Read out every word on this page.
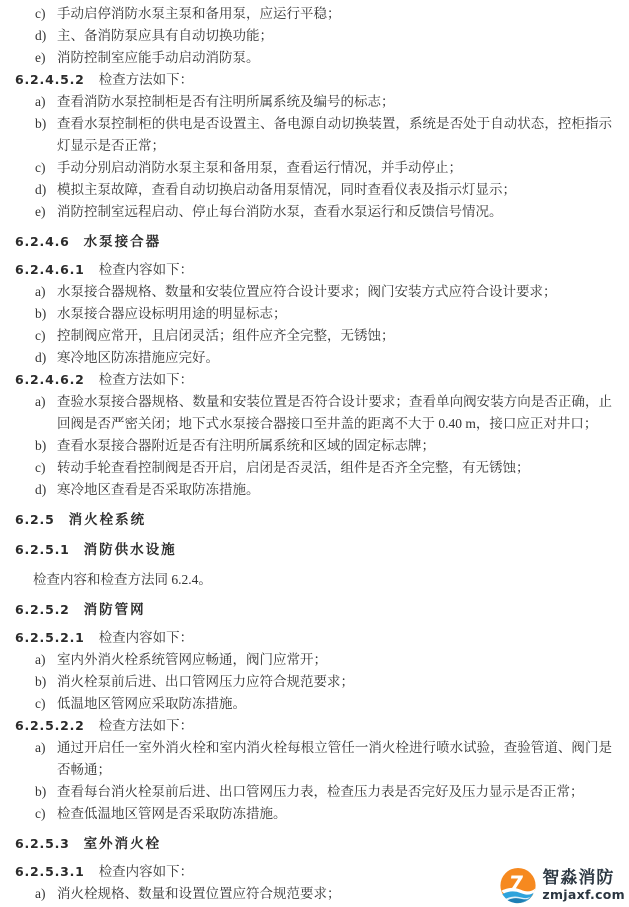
c) 手动启停消防水泵主泵和备用泵，应运行平稳；
d) 主、备消防泵应具有自动切换功能；
e) 消防控制室应能手动启动消防泵。
6.2.4.5.2 检查方法如下：
a) 查看消防水泵控制柜是否有注明所属系统及编号的标志；
b) 查看水泵控制柜的供电是否设置主、备电源自动切换装置，系统是否处于自动状态，控柜指示灯显示是否正常；
c) 手动分别启动消防水泵主泵和备用泵，查看运行情况，并手动停止；
d) 模拟主泵故障，查看自动切换启动备用泵情况，同时查看仪表及指示灯显示；
e) 消防控制室远程启动、停止每台消防水泵，查看水泵运行和反馈信号情况。
6.2.4.6 水泵接合器
6.2.4.6.1 检查内容如下：
a) 水泵接合器规格、数量和安装位置应符合设计要求；阀门安装方式应符合设计要求；
b) 水泵接合器应设标明用途的明显标志；
c) 控制阀应常开，且启闭灵活；组件应齐全完整，无锈蚀；
d) 寒冷地区防冻措施应完好。
6.2.4.6.2 检查方法如下：
a) 查验水泵接合器规格、数量和安装位置是否符合设计要求；查看单向阀安装方向是否正确，止回阀是否严密关闭；地下式水泵接合器接口至井盖的距离不大于 0.40 m，接口应正对井口；
b) 查看水泵接合器附近是否有注明所属系统和区域的固定标志牌；
c) 转动手轮查看控制阀是否开启，启闭是否灵活，组件是否齐全完整，有无锈蚀；
d) 寒冷地区查看是否采取防冻措施。
6.2.5 消火栓系统
6.2.5.1 消防供水设施
检查内容和检查方法同 6.2.4。
6.2.5.2 消防管网
6.2.5.2.1 检查内容如下：
a) 室内外消火栓系统管网应畅通，阀门应常开；
b) 消火栓泵前后进、出口管网压力应符合规范要求；
c) 低温地区管网应采取防冻措施。
6.2.5.2.2 检查方法如下：
a) 通过开启任一室外消火栓和室内消火栓每根立管任一消火栓进行喷水试验，查验管道、阀门是否畅通；
b) 查看每台消火栓泵前后进、出口管网压力表，检查压力表是否完好及压力显示是否正常；
c) 检查低温地区管网是否采取防冻措施。
6.2.5.3 室外消火栓
6.2.5.3.1 检查内容如下：
a) 消火栓规格、数量和设置位置应符合规范要求；	7 智淼消防
zmjaxf.com
